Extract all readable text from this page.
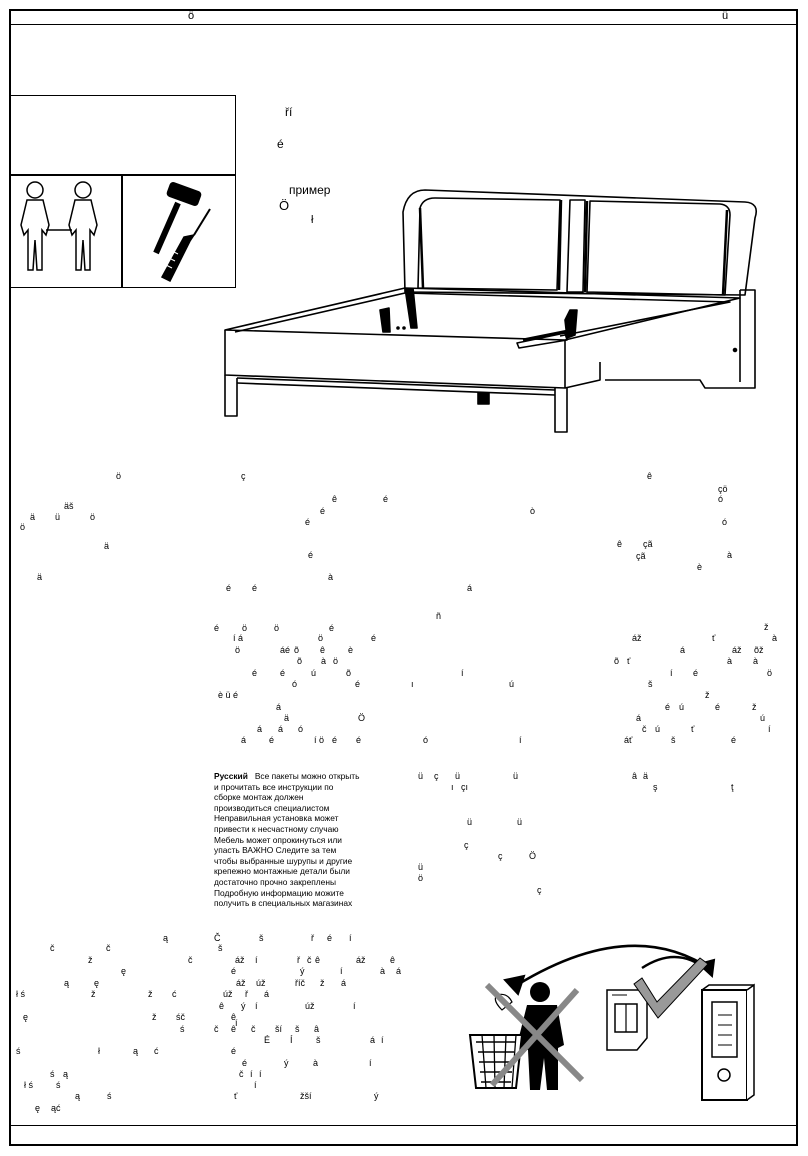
ö	ü
ří
é
пример
Ö
ł
ö	ç	ê
çö
ó
ê	é
äš	é	ò
ä ü	ö
ö	é	ó
ä	ê çã
çã
é	à
è
ä	à
é é	á
ñ
ž
é	ö	ö	é
í á	ö	é	áž	ť	à
ö	áé õ ê	è	á	áž õž
õ à ö	õ ť	à à
é	é	ú	õ	í	í é	ö
ó	é	ı	ú	š
è ü é	ž
á	é ú	é	ž
ä	Ö	á	ú
á á ó	č ú	ť	í
á	é	í ö é é	ó	í	áť	š	é
ü ç ü	ü	â ä
ı çı	ş	ţ
ü	ü
ç
ç	Ö
ü
ö
ç
ą	Č	š	ř é í
č	č	š
ž	č	áž í	ř č ê	áž	ê
ę	é	ý	í	à á
ą	ę	áž úž	říč ž á
ł ś	ž	ž ć	úž ř á
ê ý í	úž	í
ę	ž śč	ê
í
ś	č ê č ší š â
É Í	š	á í
ś	ł	ą ć	é
é	ý	à	í
ś ą	č í í
ł ś	ś	í
ą	ś	ť	žší	ý
ę ąć
Русский Все пакеты можно открыть
и прочитать все инструкции по
сборке монтаж должен
производиться специалистом
Неправильная установка может
привести к несчастному случаю
Мебель может опрокинуться или
упасть ВАЖНО Следите за тем
чтобы выбранные шурупы и другие
крепежно монтажные детали были
достаточно прочно закреплены
Подробную информацию можите
получить в специальных магазинах
